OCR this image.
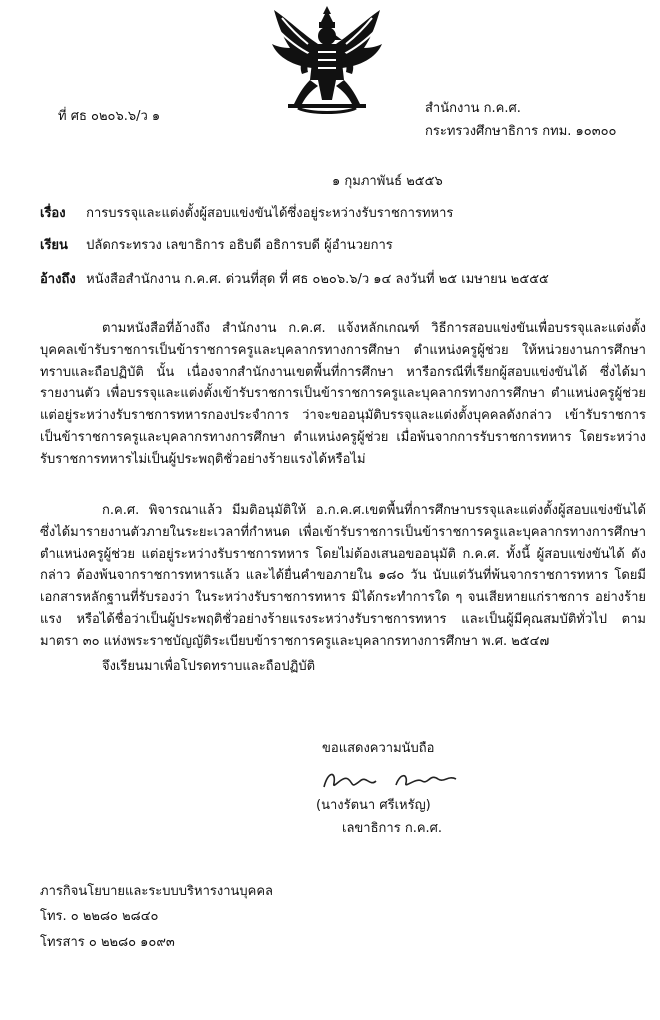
ที่ ศธ ๐๒๐๖.๖/ว ๑
สำนักงาน ก.ค.ศ.
กระทรวงศึกษาธิการ กทม. ๑๐๓๐๐
๑ กุมภาพันธ์ ๒๕๕๖
เรื่อง การบรรจุและแต่งตั้งผู้สอบแข่งขันได้ซึ่งอยู่ระหว่างรับราชการทหาร
เรียน ปลัดกระทรวง เลขาธิการ อธิบดี อธิการบดี ผู้อำนวยการ
อ้างถึง หนังสือสำนักงาน ก.ค.ศ. ด่วนที่สุด ที่ ศธ ๐๒๐๖.๖/ว ๑๔ ลงวันที่ ๒๕ เมษายน ๒๕๕๕
ตามหนังสือที่อ้างถึง สำนักงาน ก.ค.ศ. แจ้งหลักเกณฑ์ วิธีการสอบแข่งขันเพื่อบรรจุและแต่งตั้งบุคคลเข้ารับราชการเป็นข้าราชการครูและบุคลากรทางการศึกษา ตำแหน่งครูผู้ช่วย ให้หน่วยงานการศึกษาทราบและถือปฏิบัติ นั้น เนื่องจากสำนักงานเขตพื้นที่การศึกษา หารือกรณีที่เรียกผู้สอบแข่งขันได้ ซึ่งได้มารายงานตัว เพื่อบรรจุและแต่งตั้งเข้ารับราชการเป็นข้าราชการครูและบุคลากรทางการศึกษา ตำแหน่งครูผู้ช่วย แต่อยู่ระหว่างรับราชการทหารกองประจำการ ว่าจะขออนุมัติบรรจุและแต่งตั้งบุคคลดังกล่าว เข้ารับราชการเป็นข้าราชการครูและบุคลากรทางการศึกษา ตำแหน่งครูผู้ช่วย เมื่อพ้นจากการรับราชการทหาร โดยระหว่างรับราชการทหารไม่เป็นผู้ประพฤติชั่วอย่างร้ายแรงได้หรือไม่
ก.ค.ศ. พิจารณาแล้ว มีมติอนุมัติให้ อ.ก.ค.ศ.เขตพื้นที่การศึกษาบรรจุและแต่งตั้งผู้สอบแข่งขันได้ ซึ่งได้มารายงานตัวภายในระยะเวลาที่กำหนด เพื่อเข้ารับราชการเป็นข้าราชการครูและบุคลากรทางการศึกษา ตำแหน่งครูผู้ช่วย แต่อยู่ระหว่างรับราชการทหาร โดยไม่ต้องเสนอขออนุมัติ ก.ค.ศ. ทั้งนี้ ผู้สอบแข่งขันได้ ดังกล่าว ต้องพ้นจากราชการทหารแล้ว และได้ยื่นคำขอภายใน ๑๘๐ วัน นับแต่วันที่พ้นจากราชการทหาร โดยมีเอกสารหลักฐานที่รับรองว่า ในระหว่างรับราชการทหาร มิได้กระทำการใด ๆ จนเสียหายแก่ราชการ อย่างร้ายแรง หรือได้ชื่อว่าเป็นผู้ประพฤติชั่วอย่างร้ายแรงระหว่างรับราชการทหาร และเป็นผู้มีคุณสมบัติทั่วไป ตามมาตรา ๓๐ แห่งพระราชบัญญัติระเบียบข้าราชการครูและบุคลากรทางการศึกษา พ.ศ. ๒๕๔๗
จึงเรียนมาเพื่อโปรดทราบและถือปฏิบัติ
ขอแสดงความนับถือ
(นางรัตนา ศรีเหรัญ)
เลขาธิการ ก.ค.ศ.
ภารกิจนโยบายและระบบบริหารงานบุคคล
โทร. ๐ ๒๒๘๐ ๒๘๔๐
โทรสาร ๐ ๒๒๘๐ ๑๐๙๓
